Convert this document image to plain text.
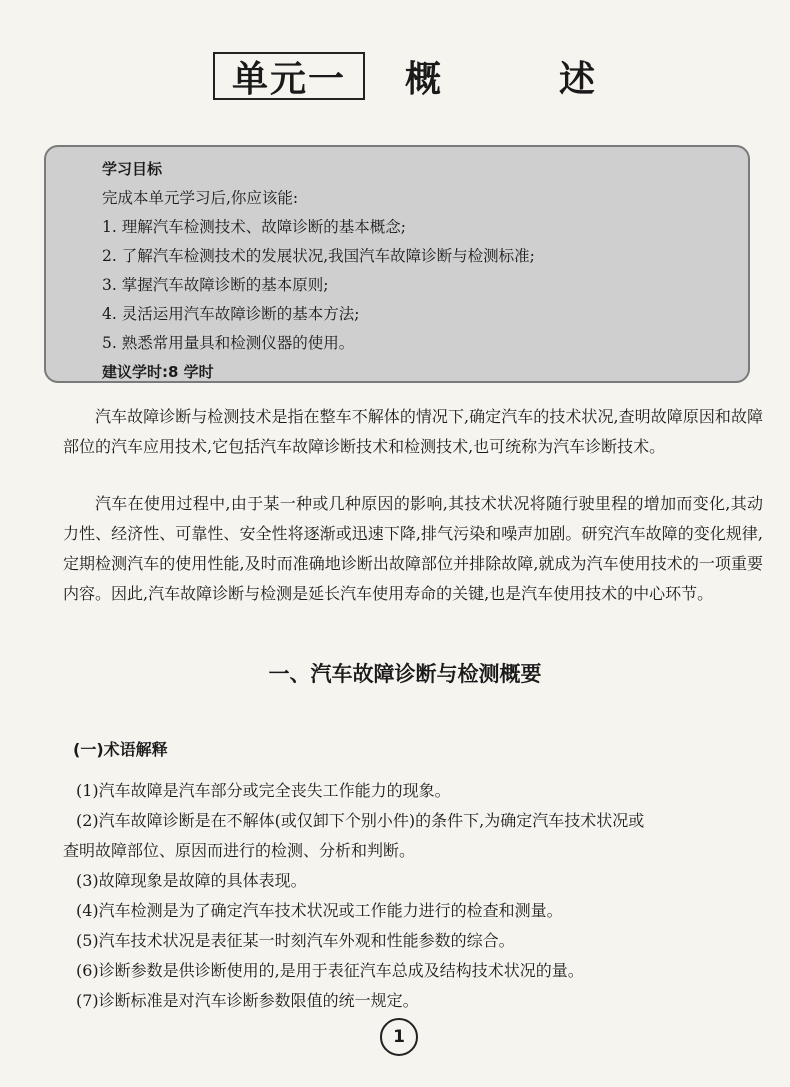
单元一	概	述
学习目标
完成本单元学习后,你应该能:
1. 理解汽车检测技术、故障诊断的基本概念;
2. 了解汽车检测技术的发展状况,我国汽车故障诊断与检测标准;
3. 掌握汽车故障诊断的基本原则;
4. 灵活运用汽车故障诊断的基本方法;
5. 熟悉常用量具和检测仪器的使用。
建议学时:8 学时

汽车故障诊断与检测技术是指在整车不解体的情况下,确定汽车的技术状况,查明故障原因和故障部位的汽车应用技术,它包括汽车故障诊断技术和检测技术,也可统称为汽车诊断技术。

汽车在使用过程中,由于某一种或几种原因的影响,其技术状况将随行驶里程的增加而变化,其动力性、经济性、可靠性、安全性将逐渐或迅速下降,排气污染和噪声加剧。研究汽车故障的变化规律,定期检测汽车的使用性能,及时而准确地诊断出故障部位并排除故障,就成为汽车使用技术的一项重要内容。因此,汽车故障诊断与检测是延长汽车使用寿命的关键,也是汽车使用技术的中心环节。

一、汽车故障诊断与检测概要
(一)术语解释

(1)汽车故障是汽车部分或完全丧失工作能力的现象。

(2)汽车故障诊断是在不解体(或仅卸下个别小件)的条件下,为确定汽车技术状况或

查明故障部位、原因而进行的检测、分析和判断。

(3)故障现象是故障的具体表现。

(4)汽车检测是为了确定汽车技术状况或工作能力进行的检查和测量。

(5)汽车技术状况是表征某一时刻汽车外观和性能参数的综合。

(6)诊断参数是供诊断使用的,是用于表征汽车总成及结构技术状况的量。

(7)诊断标准是对汽车诊断参数限值的统一规定。

1
